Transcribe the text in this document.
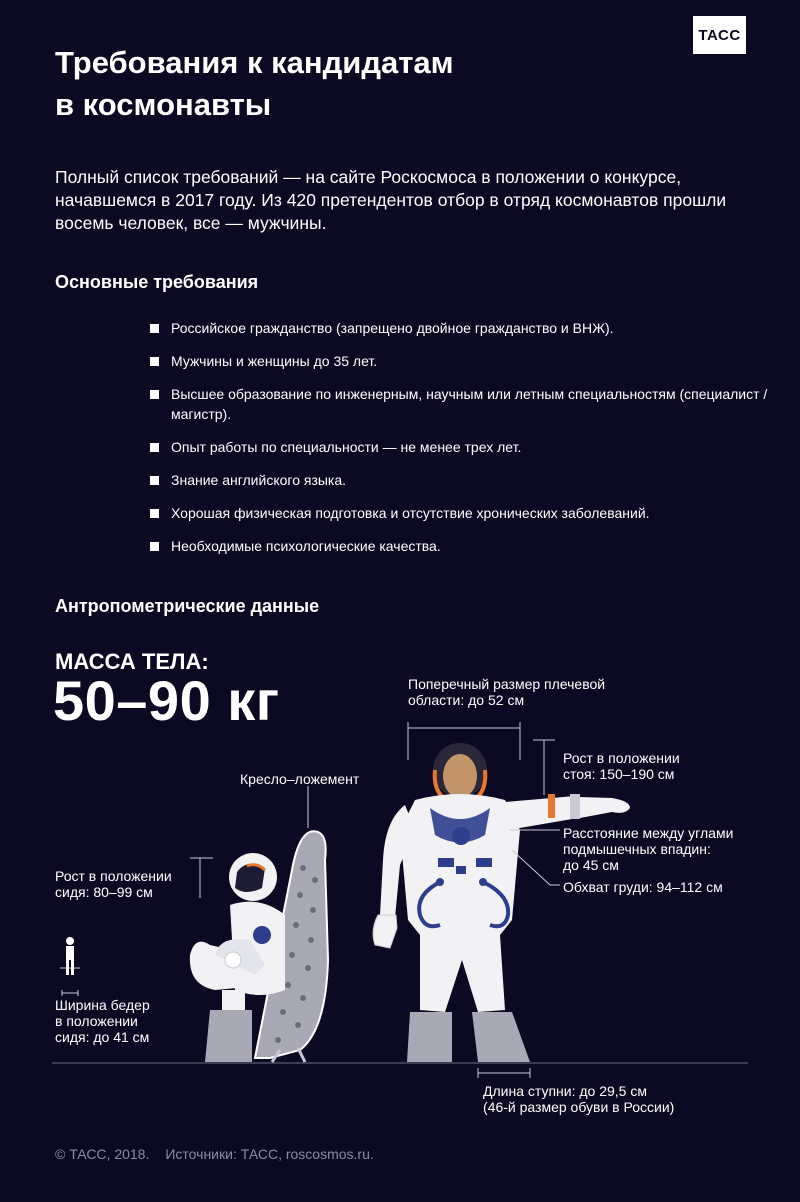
ТАСС
Требования к кандидатам
в космонавты
Полный список требований — на сайте Роскосмоса в положении о конкурсе, начавшемся в 2017 году. Из 420 претендентов отбор в отряд космонавтов прошли восемь человек, все — мужчины.
Основные требования
Российское гражданство (запрещено двойное гражданство и ВНЖ).
Мужчины и женщины до 35 лет.
Высшее образование по инженерным, научным или летным специальностям (специалист / магистр).
Опыт работы по специальности — не менее трех лет.
Знание английского языка.
Хорошая физическая подготовка и отсутствие хронических заболеваний.
Необходимые психологические качества.
Антропометрические данные
МАССА ТЕЛА:
50–90 кг
Кресло–ложемент
Поперечный размер плечевой
области: до 52 см
Рост в положении
стоя: 150–190 см
Расстояние между углами
подмышечных впадин:
до 45 см
Обхват груди: 94–112 см
Рост в положении
сидя: 80–99 см
Ширина бедер
в положении
сидя: до 41 см
Длина ступни: до 29,5 см
(46-й размер обуви в России)
© ТАСС, 2018. Источники: ТАСС, roscosmos.ru.
